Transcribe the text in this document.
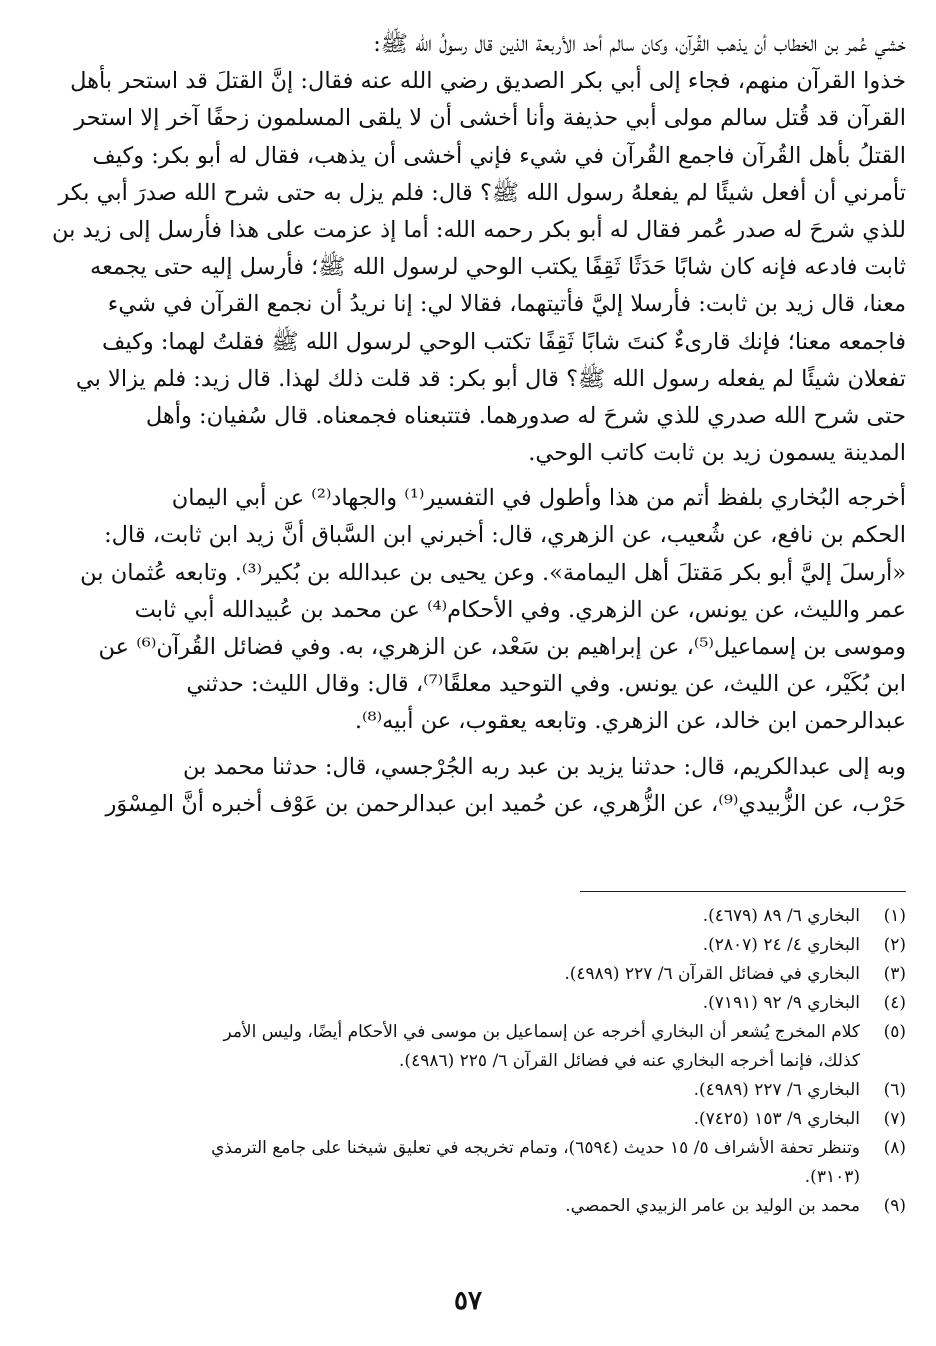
خشي عُمر بن الخطاب أن يذهب القُرآن، وكان سالم أحد الأربعة الذين قال رسولُ الله ﷺ:
خذوا القرآن منهم، فجاء إلى أبي بكر الصديق رضي الله عنه فقال: إنَّ القتلَ قد استحر بأهل
القرآن قد قُتل سالم مولى أبي حذيفة وأنا أخشى أن لا يلقى المسلمون زحفًا آخر إلا استحر
القتلُ بأهل القُرآن فاجمع القُرآن في شيء فإني أخشى أن يذهب، فقال له أبو بكر: وكيف
تأمرني أن أفعل شيئًا لم يفعلهُ رسول الله ﷺ؟ قال: فلم يزل به حتى شرح الله صدرَ أبي بكر
للذي شرحَ له صدر عُمر فقال له أبو بكر رحمه الله: أما إذ عزمت على هذا فأرسل إلى زيد بن
ثابت فادعه فإنه كان شابًا حَدَثًا ثَقِفًا يكتب الوحي لرسول الله ﷺ؛ فأرسل إليه حتى يجمعه
معنا، قال زيد بن ثابت: فأرسلا إليَّ فأتيتهما، فقالا لي: إنا نريدُ أن نجمع القرآن في شيء
فاجمعه معنا؛ فإنك قارىءٌ كنتَ شابًا ثَقِفًا تكتب الوحي لرسول الله ﷺ فقلتُ لهما: وكيف
تفعلان شيئًا لم يفعله رسول الله ﷺ؟ قال أبو بكر: قد قلت ذلك لهذا. قال زيد: فلم يزالا بي
حتى شرح الله صدري للذي شرحَ له صدورهما. فتتبعناه فجمعناه. قال سُفيان: وأهل
المدينة يسمون زيد بن ثابت كاتب الوحي.
أخرجه البُخاري بلفظ أتم من هذا وأطول في التفسير⁽¹⁾ والجهاد⁽²⁾ عن أبي اليمان
الحكم بن نافع، عن شُعيب، عن الزهري، قال: أخبرني ابن السَّباق أنَّ زيد ابن ثابت، قال:
«أرسلَ إليَّ أبو بكر مَقتلَ أهل اليمامة». وعن يحيى بن عبدالله بن بُكير⁽³⁾. وتابعه عُثمان بن
عمر والليث، عن يونس، عن الزهري. وفي الأحكام⁽⁴⁾ عن محمد بن عُبيدالله أبي ثابت
وموسى بن إسماعيل⁽⁵⁾، عن إبراهيم بن سَعْد، عن الزهري، به. وفي فضائل القُرآن⁽⁶⁾ عن
ابن بُكَيْر، عن الليث، عن يونس. وفي التوحيد معلقًا⁽⁷⁾، قال: وقال الليث: حدثني
عبدالرحمن ابن خالد، عن الزهري. وتابعه يعقوب، عن أبيه⁽⁸⁾.
وبه إلى عبدالكريم، قال: حدثنا يزيد بن عبد ربه الجُرْجسي، قال: حدثنا محمد بن
حَرْب، عن الزُّبيدي⁽⁹⁾، عن الزُّهري، عن حُميد ابن عبدالرحمن بن عَوْف أخبره أنَّ المِسْوَر
(١)
البخاري ٦/ ٨٩ (٤٦٧٩).
(٢)
البخاري ٤/ ٢٤ (٢٨٠٧).
(٣)
البخاري في فضائل القرآن ٦/ ٢٢٧ (٤٩٨٩).
(٤)
البخاري ٩/ ٩٢ (٧١٩١).
(٥)
كلام المخرج يُشعر أن البخاري أخرجه عن إسماعيل بن موسى في الأحكام أيضًا، وليس الأمر
كذلك، فإنما أخرجه البخاري عنه في فضائل القرآن ٦/ ٢٢٥ (٤٩٨٦).
(٦)
البخاري ٦/ ٢٢٧ (٤٩٨٩).
(٧)
البخاري ٩/ ١٥٣ (٧٤٢٥).
(٨)
وتنظر تحفة الأشراف ٥/ ١٥ حديث (٦٥٩٤)، وتمام تخريجه في تعليق شيخنا على جامع الترمذي
(٣١٠٣).
(٩)
محمد بن الوليد بن عامر الزبيدي الحمصي.
٥٧
